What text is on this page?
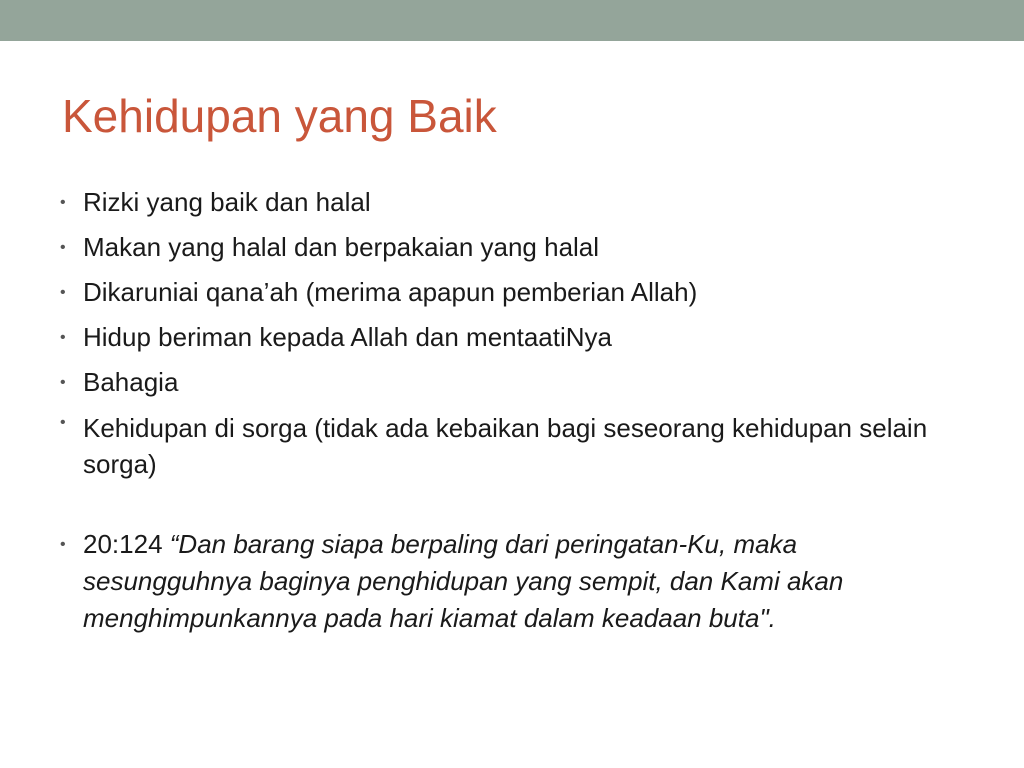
Kehidupan yang Baik
• Rizki yang baik dan halal
• Makan yang halal dan berpakaian yang halal
• Dikaruniai qana’ah (merima apapun pemberian Allah)
• Hidup beriman kepada Allah dan mentaatiNya
• Bahagia
• Kehidupan di sorga (tidak ada kebaikan bagi seseorang kehidupan selain sorga)
• 20:124 “Dan barang siapa berpaling dari peringatan-Ku, maka sesungguhnya baginya penghidupan yang sempit, dan Kami akan menghimpunkannya pada hari kiamat dalam keadaan buta".
